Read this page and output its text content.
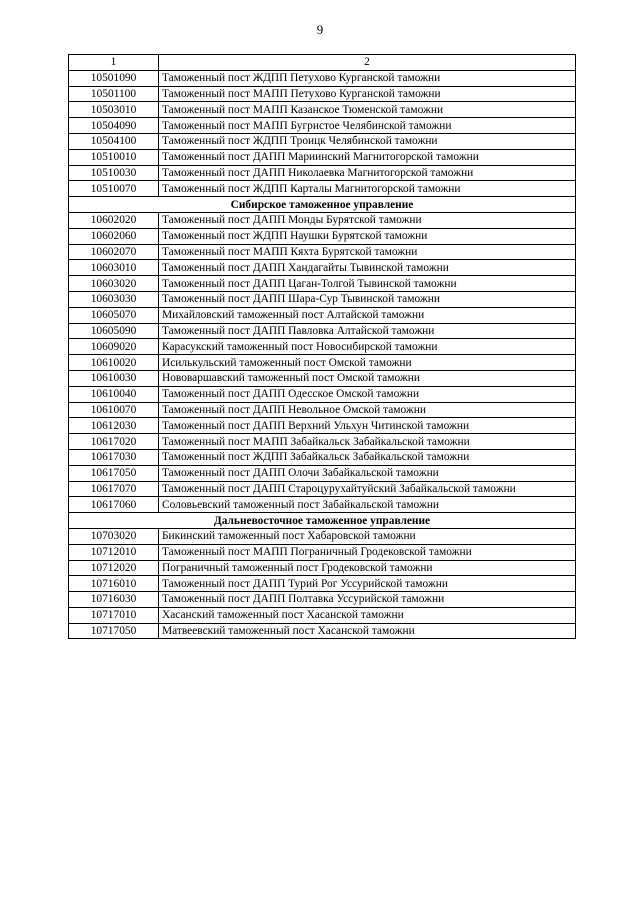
9
1	2
10501090	Таможенный пост ЖДПП Петухово Курганской таможни
10501100	Таможенный пост МАПП Петухово Курганской таможни
10503010	Таможенный пост МАПП Казанское Тюменской таможни
10504090	Таможенный пост МАПП Бугристое Челябинской таможни
10504100	Таможенный пост ЖДПП Троицк Челябинской таможни
10510010	Таможенный пост ДАПП Мариинский Магнитогорской таможни
10510030	Таможенный пост ДАПП Николаевка Магнитогорской таможни
10510070	Таможенный пост ЖДПП Карталы Магнитогорской таможни
Сибирское таможенное управление	
10602020	Таможенный пост ДАПП Монды Бурятской таможни
10602060	Таможенный пост ЖДПП Наушки Бурятской таможни
10602070	Таможенный пост МАПП Кяхта Бурятской таможни
10603010	Таможенный пост ДАПП Хандагайты Тывинской таможни
10603020	Таможенный пост ДАПП Цаган-Толгой Тывинской таможни
10603030	Таможенный пост ДАПП Шара-Сур Тывинской таможни
10605070	Михайловский таможенный пост Алтайской таможни
10605090	Таможенный пост ДАПП Павловка Алтайской таможни
10609020	Карасукский таможенный пост Новосибирской таможни
10610020	Исилькульский таможенный пост Омской таможни
10610030	Нововаршавский таможенный пост Омской таможни
10610040	Таможенный пост ДАПП Одесское Омской таможни
10610070	Таможенный пост ДАПП Невольное Омской таможни
10612030	Таможенный пост ДАПП Верхний Ульхун Читинской таможни
10617020	Таможенный пост МАПП Забайкальск Забайкальской таможни
10617030	Таможенный пост ЖДПП Забайкальск Забайкальской таможни
10617050	Таможенный пост ДАПП Олочи Забайкальской таможни
10617070	Таможенный пост ДАПП Староцурухайтуйский Забайкальской таможни
10617060	Соловьевский таможенный пост Забайкальской таможни
Дальневосточное таможенное управление	
10703020	Бикинский таможенный пост Хабаровской таможни
10712010	Таможенный пост МАПП Пограничный Гродековской таможни
10712020	Пограничный таможенный пост Гродековской таможни
10716010	Таможенный пост ДАПП Турий Рог Уссурийской таможни
10716030	Таможенный пост ДАПП Полтавка Уссурийской таможни
10717010	Хасанский таможенный пост Хасанской таможни
10717050	Матвеевский таможенный пост Хасанской таможни
